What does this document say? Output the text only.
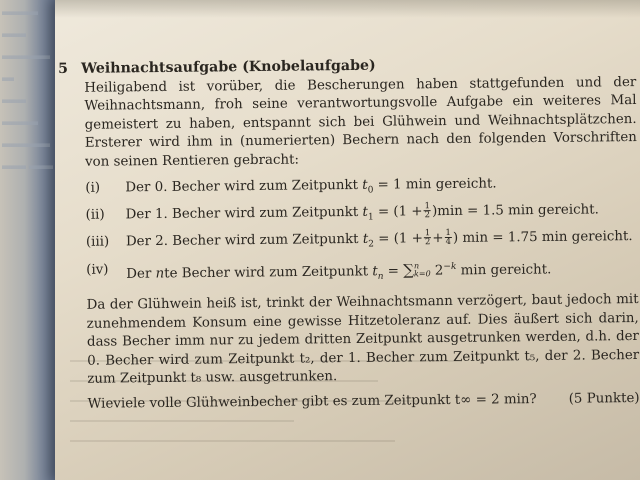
▬▬▬ ▬▬
▬▬▬▬ ▬
▬▬ ▬▬▬
▬▬▬▬
▬▬ ▬▬
5 Weihnachtsaufgabe (Knobelaufgabe)

Heiligabend ist vorüber, die Bescherungen haben stattgefunden und der Weihnachtsmann, froh seine verantwortungsvolle Aufgabe ein weiteres Mal gemeistert zu haben, entspannt sich bei Glühwein und Weihnachtsplätzchen. Ersterer wird ihm in (numerierten) Bechern nach den folgenden Vorschriften von seinen Rentieren gebracht:

(i)	Der 0. Becher wird zum Zeitpunkt $t_0 = 1$ min gereicht.
(ii)	Der 1. Becher wird zum Zeitpunkt $t_1 = (1 + \frac{1}{2} )\min = 1.5$ min gereicht.
(iii)	Der 2. Becher wird zum Zeitpunkt $t_2 = (1 + \frac{1}{2} + \frac{1}{4}$ ) min = 1.75 min gereicht.
(iv)	Der nte Becher wird zum Zeitpunkt $t_n$ = ∑ n
k=0 $2^{-k}$ min gereicht.

Da der Glühwein heiß ist, trinkt der Weihnachtsmann verzögert, baut jedoch mit zunehmendem Konsum eine gewisse Hitzetoleranz auf. Dies äußert sich darin, dass Becher imm nur zu jedem dritten Zeitpunkt ausgetrunken werden, d.h. der 0. Becher wird zum Zeitpunkt t₂, der 1. Becher zum Zeitpunkt t₅, der 2. Becher zum Zeitpunkt t₈ usw. ausgetrunken.

Wieviele volle Glühweinbecher gibt es zum Zeitpunkt t∞ = 2 min? (5 Punkte)
